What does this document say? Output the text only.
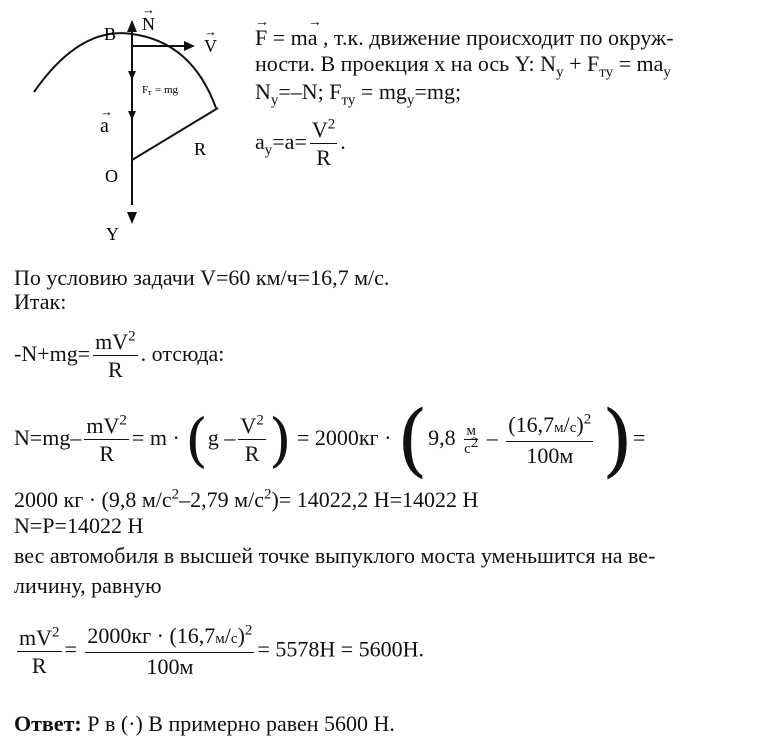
B N
→
V
→
F т = mg
a
→
O
R
Y
→ F = m→ a , т.к. движение происходит по окруж-
ности. В проекция х на ось Y: $N_y + F_{ту} = ma_y$
$N_y=-N$; $F_{ту} = mg_y=mg$;
$a_y=a= \frac{V^2}{R}$ .
По условию задачи V=60 км/ч=16,7 м/с.
Итак:
$-N+mg= \frac{mV^2}{R}$ . отсюда:
$N=mg- \frac{mV^2}{R} = m \cdot (g - \frac{V^2}{R}$ ) = $2000кг \cdot (9,8 \frac{м}{с^2} - \frac{(16,7м/с)^2}{100м}$ )=
2000 кг · (9,8 $м/с^2-2,79$ $м/с^2)= 14022,2$ Н=14022 Н
N=P=14022 Н
вес автомобиля в высшей точке выпуклого моста уменьшится на ве-
личину, равную
$\frac{mV^2}{R} = \frac{2000кг \cdot (16,7м/с)^2}{100м} = 5578Н = 5600Н$.
Ответ: Р в (·) В примерно равен 5600 Н.
